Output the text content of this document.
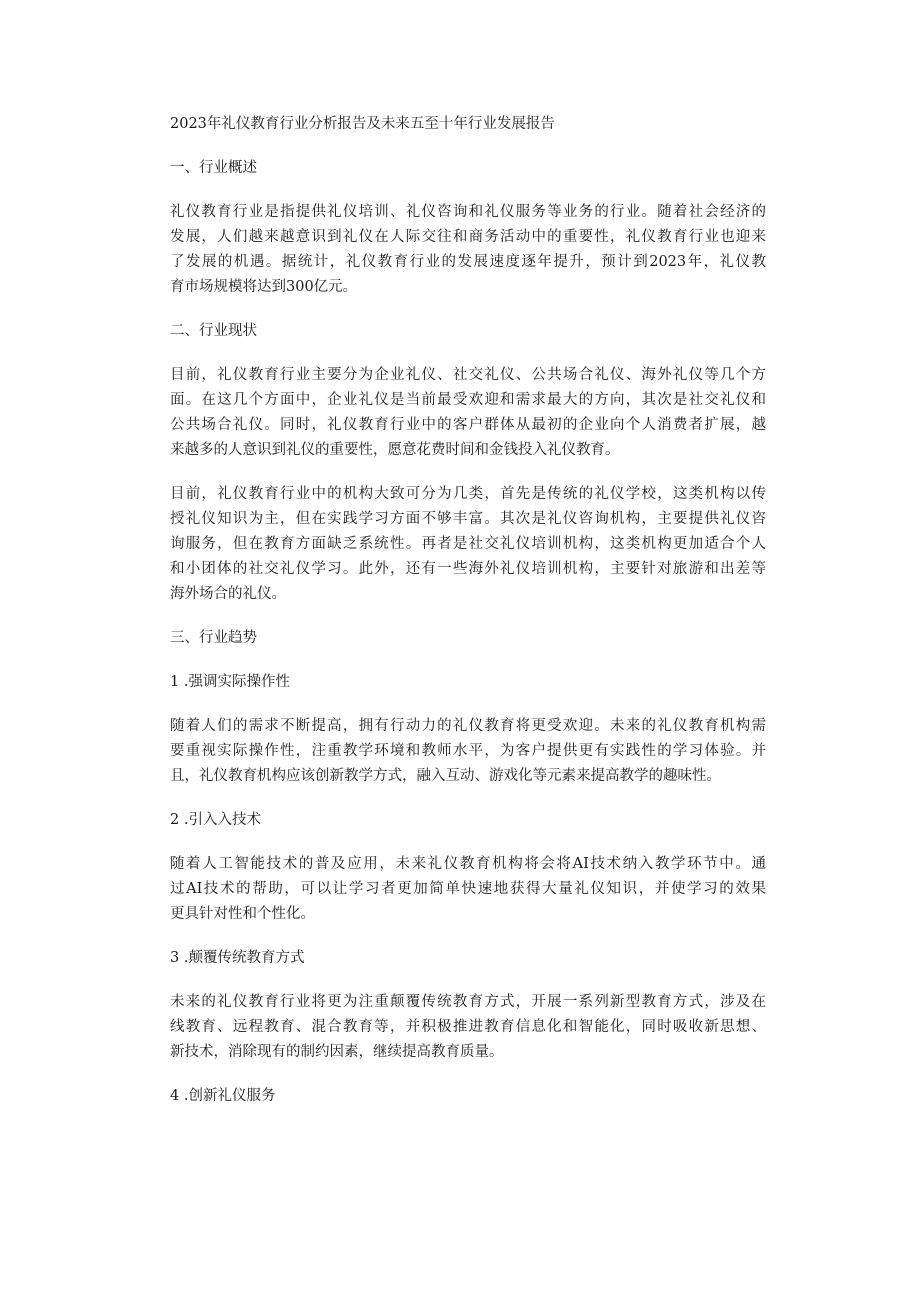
2023年礼仪教育行业分析报告及未来五至十年行业发展报告

一、行业概述

礼仪教育行业是指提供礼仪培训、礼仪咨询和礼仪服务等业务的行业。随着社会经济的

发展，人们越来越意识到礼仪在人际交往和商务活动中的重要性，礼仪教育行业也迎来

了发展的机遇。据统计，礼仪教育行业的发展速度逐年提升，预计到2023年，礼仪教

育市场规模将达到300亿元。

二、行业现状

目前，礼仪教育行业主要分为企业礼仪、社交礼仪、公共场合礼仪、海外礼仪等几个方

面。在这几个方面中，企业礼仪是当前最受欢迎和需求最大的方向，其次是社交礼仪和

公共场合礼仪。同时，礼仪教育行业中的客户群体从最初的企业向个人消费者扩展，越

来越多的人意识到礼仪的重要性，愿意花费时间和金钱投入礼仪教育。

目前，礼仪教育行业中的机构大致可分为几类，首先是传统的礼仪学校，这类机构以传

授礼仪知识为主，但在实践学习方面不够丰富。其次是礼仪咨询机构，主要提供礼仪咨

询服务，但在教育方面缺乏系统性。再者是社交礼仪培训机构，这类机构更加适合个人

和小团体的社交礼仪学习。此外，还有一些海外礼仪培训机构，主要针对旅游和出差等

海外场合的礼仪。

三、行业趋势

1 .强调实际操作性

随着人们的需求不断提高，拥有行动力的礼仪教育将更受欢迎。未来的礼仪教育机构需

要重视实际操作性，注重教学环境和教师水平，为客户提供更有实践性的学习体验。并

且，礼仪教育机构应该创新教学方式，融入互动、游戏化等元素来提高教学的趣味性。

2 .引入入技术

随着人工智能技术的普及应用，未来礼仪教育机构将会将AI技术纳入教学环节中。通

过AI技术的帮助，可以让学习者更加简单快速地获得大量礼仪知识，并使学习的效果

更具针对性和个性化。

3 .颠覆传统教育方式

未来的礼仪教育行业将更为注重颠覆传统教育方式，开展一系列新型教育方式，涉及在

线教育、远程教育、混合教育等，并积极推进教育信息化和智能化，同时吸收新思想、

新技术，消除现有的制约因素，继续提高教育质量。

4 .创新礼仪服务
